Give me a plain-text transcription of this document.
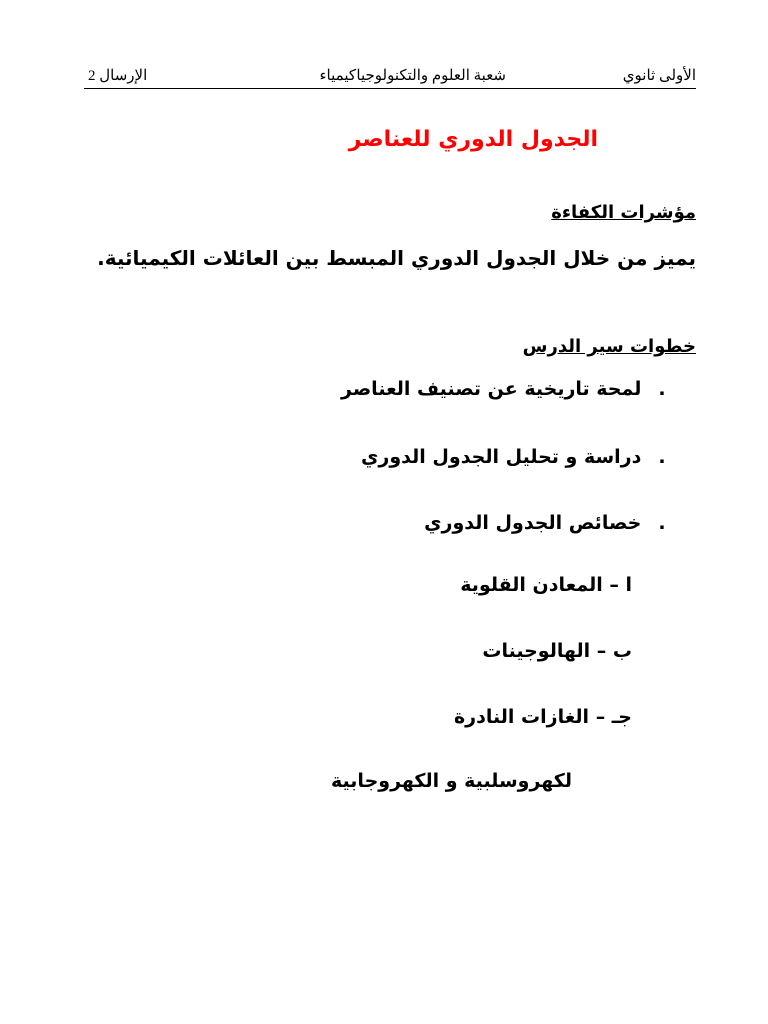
الأولى ثانوي
شعبة العلوم والتكنولوجيا
كيمياء
الإرسال 2
الجدول الدوري للعناصر
مؤشرات الكفاءة
يميز من خلال الجدول الدوري المبسط بين العائلات الكيميائية.
خطوات سير الدرس
. لمحة تاريخية عن تصنيف العناصر
. دراسة و تحليل الجدول الدوري
. خصائص الجدول الدوري
ا – المعادن القلوية
ب – الهالوجينات
جـ – الغازات النادرة
لكهروسلبية و الكهروجابية
